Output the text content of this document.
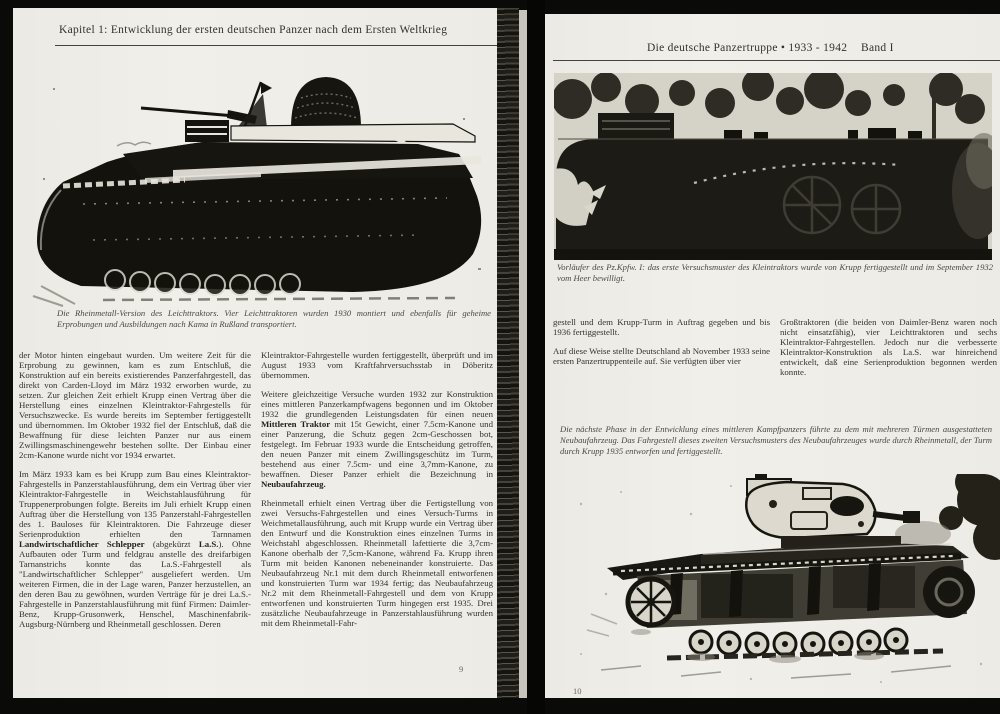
Kapitel 1: Entwicklung der ersten deutschen Panzer nach dem Ersten Weltkrieg
Die Rheinmetall-Version des Leichttraktors. Vier Leichttraktoren wurden 1930 montiert und ebenfalls für geheime Erprobungen und Ausbildungen nach Kama in Rußland transportiert.

der Motor hinten eingebaut wurden. Um weitere Zeit für die Erprobung zu gewinnen, kam es zum Entschluß, die Konstruktion auf ein bereits existierendes Panzerfahrgestell, das direkt von Carden-Lloyd im März 1932 erworben wurde, zu setzen. Zur gleichen Zeit erhielt Krupp einen Vertrag über die Herstellung eines einzelnen Kleintraktor-Fahrgestells für Versuchszwecke. Es wurde bereits im September fertiggestellt und übernommen. Im Oktober 1932 fiel der Entschluß, daß die Bewaffnung für diese leichten Panzer nur aus einem Zwillingsmaschinengewehr bestehen sollte. Der Einbau einer 2cm-Kanone wurde nicht vor 1934 erwartet.

Im März 1933 kam es bei Krupp zum Bau eines Kleintraktor-Fahrgestells in Panzerstahlausführung, dem ein Vertrag über vier Kleintraktor-Fahrgestelle in Weichstahlausführung für Truppenerprobungen folgte. Bereits im Juli erhielt Krupp einen Auftrag über die Herstellung von 135 Panzerstahl-Fahrgestellen des 1. Bauloses für Kleintraktoren. Die Fahrzeuge dieser Serienproduktion erhielten den Tarnnamen Landwirtschaftlicher Schlepper (abgekürzt La.S.). Ohne Aufbauten oder Turm und feldgrau anstelle des dreifarbigen Tarnanstrichs konnte das La.S.-Fahrgestell als "Landwirtschaftlicher Schlepper" ausgeliefert werden. Um weiteren Firmen, die in der Lage waren, Panzer herzustellen, an den deren Bau zu gewöhnen, wurden Verträge für je drei La.S.-Fahrgestelle in Panzerstahlausführung mit fünf Firmen: Daimler-Benz, Krupp-Grusonwerk, Henschel, Maschinenfabrik-Augsburg-Nürnberg und Rheinmetall geschlossen. Deren

Kleintraktor-Fahrgestelle wurden fertiggestellt, überprüft und im August 1933 vom Kraftfahrversuchsstab in Döberitz übernommen.

Weitere gleichzeitige Versuche wurden 1932 zur Konstruktion eines mittleren Panzerkampfwagens begonnen und im Oktober 1932 die grundlegenden Leistungsdaten für einen neuen Mittleren Traktor mit 15t Gewicht, einer 7.5cm-Kanone und einer Panzerung, die Schutz gegen 2cm-Geschossen bot, festgelegt. Im Februar 1933 wurde die Entscheidung getroffen, den neuen Panzer mit einem Zwillingsgeschütz im Turm, bestehend aus einer 7.5cm- und eine 3,7mm-Kanone, zu bewaffnen. Dieser Panzer erhielt die Bezeichnung in Neubaufahrzeug.

Rheinmetall erhielt einen Vertrag über die Fertigstellung von zwei Versuchs-Fahrgestellen und eines Versuch-Turms in Weichmetallausführung, auch mit Krupp wurde ein Vertrag über den Entwurf und die Konstruktion eines einzelnen Turms in Weichstahl abgeschlossen. Rheinmetall lafettierte die 3,7cm-Kanone oberhalb der 7,5cm-Kanone, während Fa. Krupp ihren Turm mit beiden Kanonen nebeneinander konstruierte. Das Neubaufahrzeug Nr.1 mit dem durch Rheinmetall entworfenen und konstruierten Turm war 1934 fertig; das Neubaufahrzeug Nr.2 mit dem Rheinmetall-Fahrgestell und dem von Krupp entworfenen und konstruierten Turm hingegen erst 1935. Drei zusätzliche Neubaufahrzeuge in Panzerstahlausführung wurden mit dem Rheinmetall-Fahr-

9
Die deutsche Panzertruppe • 1933 - 1942 Band I
Vorläufer des Pz.Kpfw. I: das erste Versuchsmuster des Kleintraktors wurde von Krupp fertiggestellt und im September 1932 vom Heer bewilligt.

gestell und dem Krupp-Turm in Auftrag gegeben und bis 1936 fertiggestellt.

Auf diese Weise stellte Deutschland ab November 1933 seine ersten Panzertruppenteile auf. Sie verfügten über vier

Großtraktoren (die beiden von Daimler-Benz waren noch nicht einsatzfähig), vier Leichttraktoren und sechs Kleintraktor-Fahrgestellen. Jedoch nur die verbesserte Kleintraktor-Konstruktion als La.S. war hinreichend entwickelt, daß eine Serienproduktion begonnen werden konnte.

Die nächste Phase in der Entwicklung eines mittleren Kampfpanzers führte zu dem mit mehreren Türmen ausgestatteten Neubaufahrzeug. Das Fahrgestell dieses zweiten Versuchsmusters des Neubaufahrzeuges wurde durch Rheinmetall, der Turm durch Krupp 1935 entworfen und fertiggestellt.
10
